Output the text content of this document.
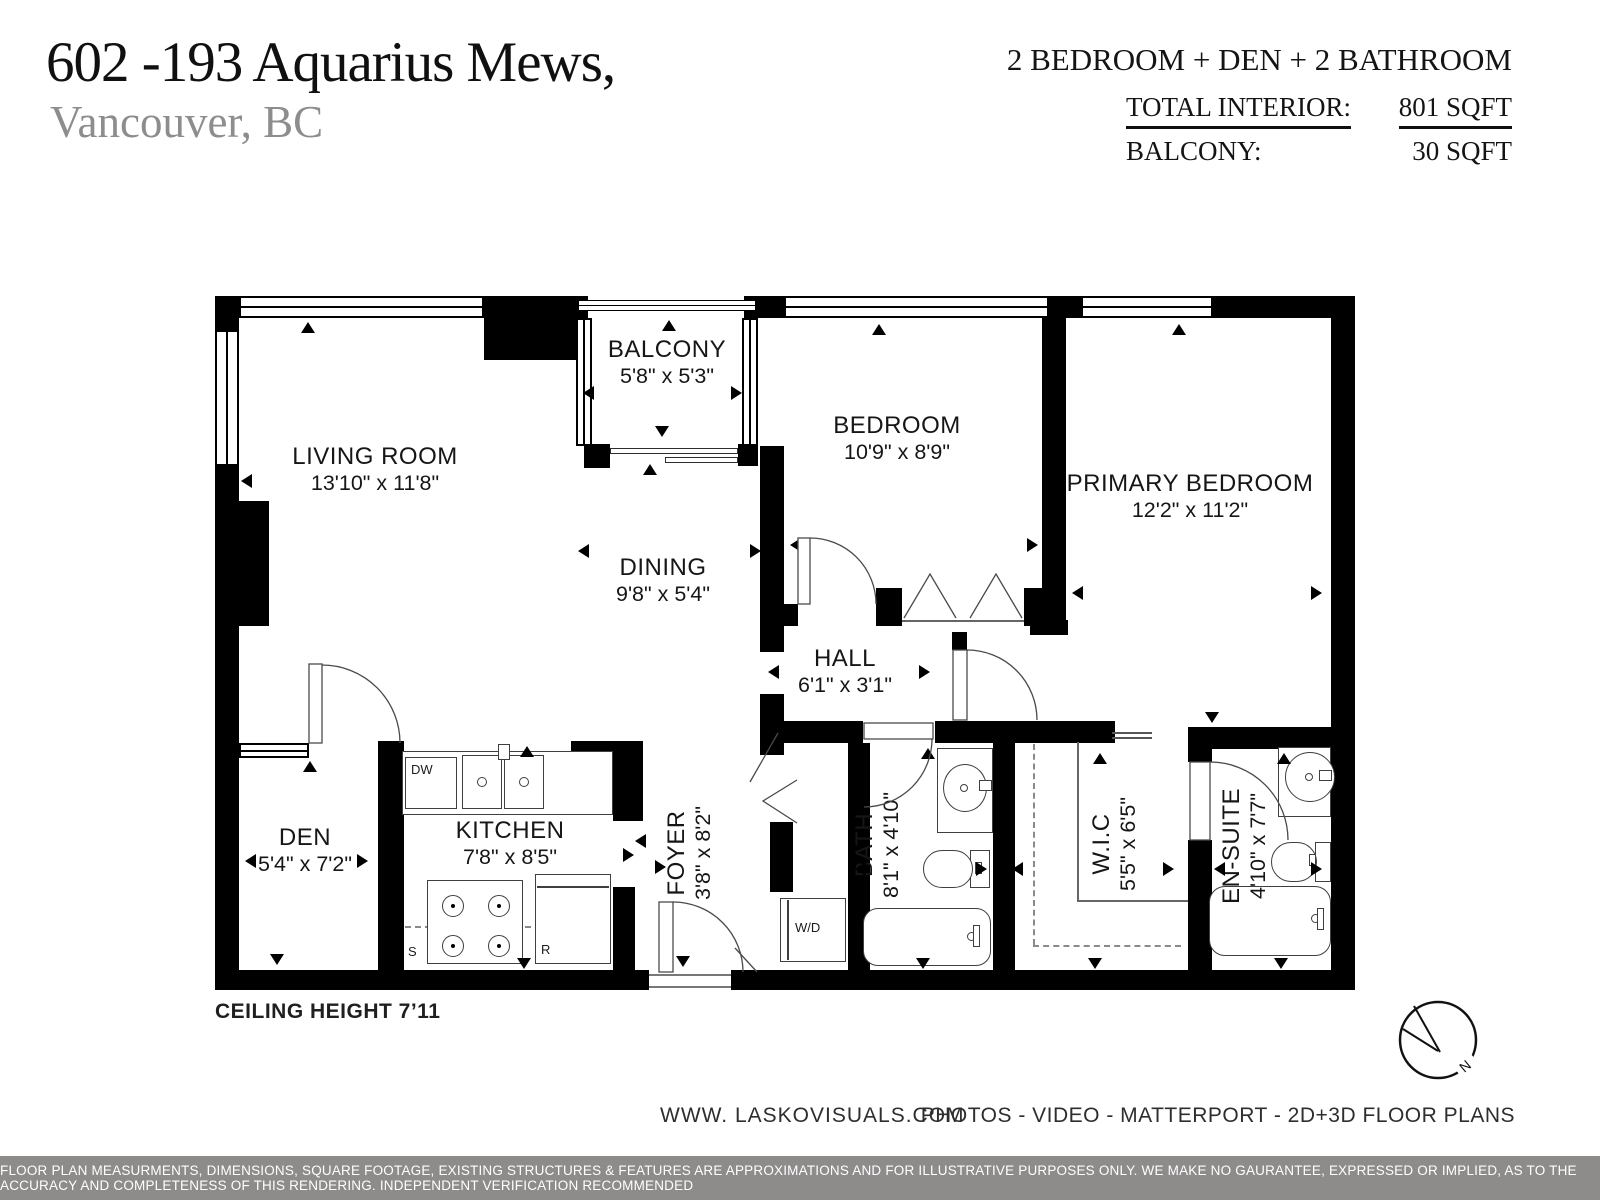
602 -193 Aquarius Mews,
Vancouver, BC
2 BEDROOM + DEN + 2 BATHROOM
TOTAL INTERIOR: 801 SQFT
BALCONY:	30 SQFT
DW
S	R
W/D
LIVING ROOM
13'10" x 11'8"
BALCONY
5'8" x 5'3"
DINING
9'8" x 5'4"
BEDROOM
10'9" x 8'9"
PRIMARY BEDROOM
12'2" x 11'2"
HALL
6'1" x 3'1"
DEN
5'4" x 7'2"
KITCHEN
7'8" x 8'5"	FOYER 3'8" x 8'2"	BATH 8'1" x 4'10"	W.I.C 5'5" x 6'5"	EN-SUITE 4'10" x 7'7"
CEILING HEIGHT 7’11
N
WWW. LASKOVISUALS.COM
PHOTOS - VIDEO - MATTERPORT - 2D+3D FLOOR PLANS
FLOOR PLAN MEASURMENTS, DIMENSIONS, SQUARE FOOTAGE, EXISTING STRUCTURES & FEATURES ARE APPROXIMATIONS AND FOR ILLUSTRATIVE PURPOSES ONLY. WE MAKE NO GAURANTEE, EXPRESSED OR IMPLIED, AS TO THE ACCURACY AND COMPLETENESS OF THIS RENDERING. INDEPENDENT VERIFICATION RECOMMENDED
